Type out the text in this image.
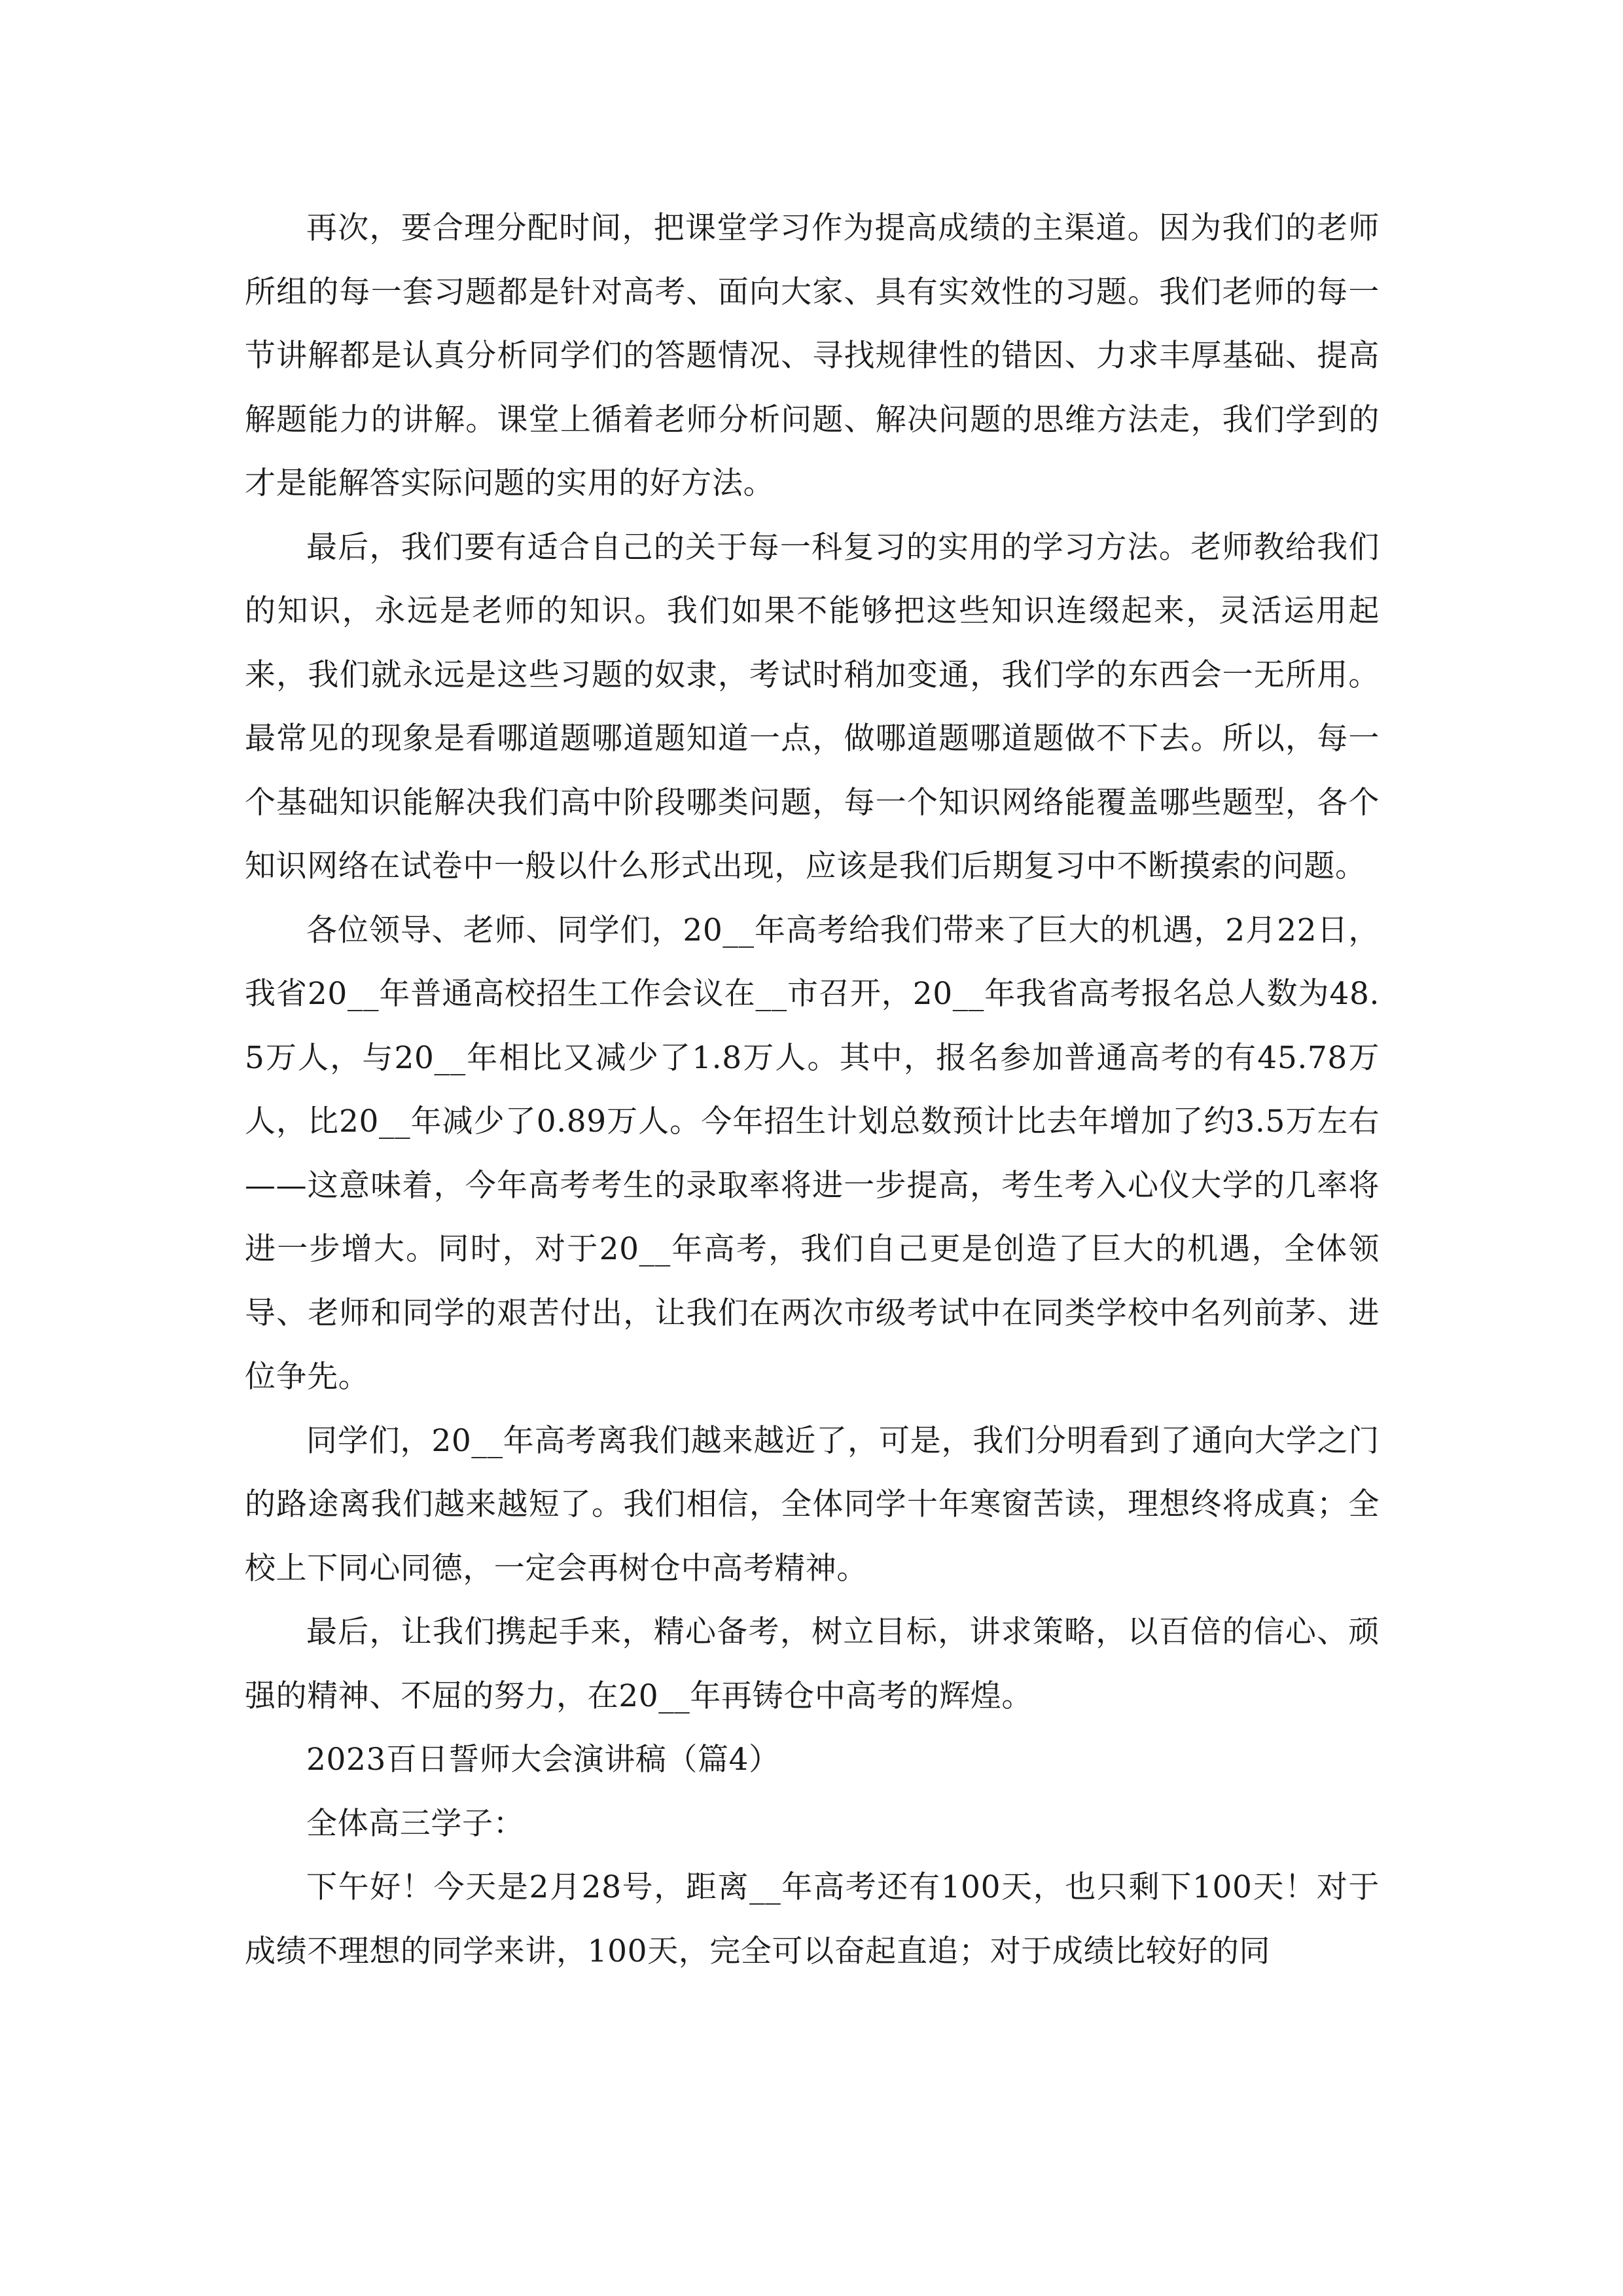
再次，要合理分配时间，把课堂学习作为提高成绩的主渠道。因为我们的老师所组的每一套习题都是针对高考、面向大家、具有实效性的习题。我们老师的每一节讲解都是认真分析同学们的答题情况、寻找规律性的错因、力求丰厚基础、提高解题能力的讲解。课堂上循着老师分析问题、解决问题的思维方法走，我们学到的才是能解答实际问题的实用的好方法。

最后，我们要有适合自己的关于每一科复习的实用的学习方法。老师教给我们的知识，永远是老师的知识。我们如果不能够把这些知识连缀起来，灵活运用起来，我们就永远是这些习题的奴隶，考试时稍加变通，我们学的东西会一无所用。最常见的现象是看哪道题哪道题知道一点，做哪道题哪道题做不下去。所以，每一个基础知识能解决我们高中阶段哪类问题，每一个知识网络能覆盖哪些题型，各个知识网络在试卷中一般以什么形式出现，应该是我们后期复习中不断摸索的问题。

各位领导、老师、同学们，20__年高考给我们带来了巨大的机遇，2月22日，我省20__年普通高校招生工作会议在__市召开，20__年我省高考报名总人数为48.5万人，与20__年相比又减少了1.8万人。其中，报名参加普通高考的有45.78万人，比20__年减少了0.89万人。今年招生计划总数预计比去年增加了约3.5万左右——这意味着，今年高考考生的录取率将进一步提高，考生考入心仪大学的几率将进一步增大。同时，对于20__年高考，我们自己更是创造了巨大的机遇，全体领导、老师和同学的艰苦付出，让我们在两次市级考试中在同类学校中名列前茅、进位争先。

同学们，20__年高考离我们越来越近了，可是，我们分明看到了通向大学之门的路途离我们越来越短了。我们相信，全体同学十年寒窗苦读，理想终将成真；全校上下同心同德，一定会再树仓中高考精神。

最后，让我们携起手来，精心备考，树立目标，讲求策略，以百倍的信心、顽强的精神、不屈的努力，在20__年再铸仓中高考的辉煌。

2023百日誓师大会演讲稿（篇4）

全体高三学子：

下午好！今天是2月28号，距离__年高考还有100天，也只剩下100天！对于成绩不理想的同学来讲，100天，完全可以奋起直追；对于成绩比较好的同
